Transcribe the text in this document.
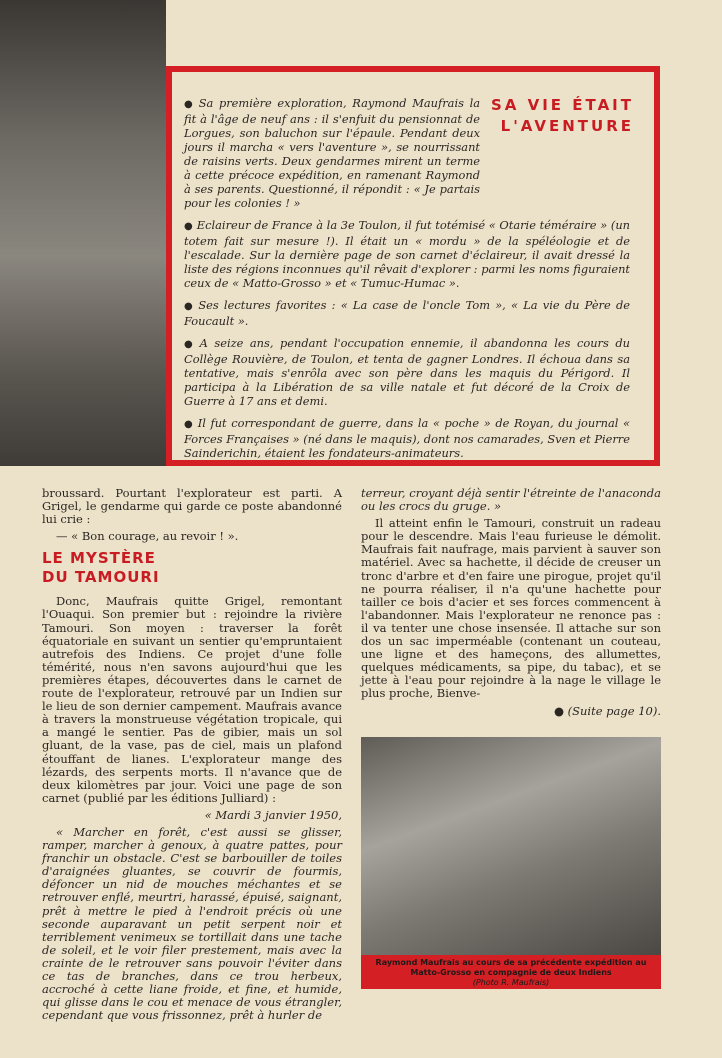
SA VIE ÉTAIT
L'AVENTURE

● Sa première exploration, Raymond Maufrais la fit à l'âge de neuf ans : il s'enfuit du pensionnat de Lorgues, son baluchon sur l'épaule. Pendant deux jours il marcha « vers l'aventure », se nourrissant de raisins verts. Deux gendarmes mirent un terme à cette précoce expédition, en ramenant Raymond à ses parents. Questionné, il répondit : « Je partais pour les colonies ! »

● Eclaireur de France à la 3e Toulon, il fut totémisé « Otarie téméraire » (un totem fait sur mesure !). Il était un « mordu » de la spéléologie et de l'escalade. Sur la dernière page de son carnet d'éclaireur, il avait dressé la liste des régions inconnues qu'il rêvait d'explorer : parmi les noms figuraient ceux de « Matto-Grosso » et « Tumuc-Humac ».

● Ses lectures favorites : « La case de l'oncle Tom », « La vie du Père de Foucault ».

● A seize ans, pendant l'occupation ennemie, il abandonna les cours du Collège Rouvière, de Toulon, et tenta de gagner Londres. Il échoua dans sa tentative, mais s'enrôla avec son père dans les maquis du Périgord. Il participa à la Libération de sa ville natale et fut décoré de la Croix de Guerre à 17 ans et demi.

● Il fut correspondant de guerre, dans la « poche » de Royan, du journal « Forces Françaises » (né dans le maquis), dont nos camarades, Sven et Pierre Sainderichin, étaient les fondateurs-animateurs.

broussard. Pourtant l'explorateur est parti. A Grigel, le gendarme qui garde ce poste abandonné lui crie :

— « Bon courage, au revoir ! ».

LE MYSTÈRE
DU TAMOURI

Donc, Maufrais quitte Grigel, remontant l'Ouaqui. Son premier but : rejoindre la rivière Tamouri. Son moyen : traverser la forêt équatoriale en suivant un sentier qu'empruntaient autrefois des Indiens. Ce projet d'une folle témérité, nous n'en savons aujourd'hui que les premières étapes, découvertes dans le carnet de route de l'explorateur, retrouvé par un Indien sur le lieu de son dernier campement. Maufrais avance à travers la monstrueuse végétation tropicale, qui a mangé le sentier. Pas de gibier, mais un sol gluant, de la vase, pas de ciel, mais un plafond étouffant de lianes. L'explorateur mange des lézards, des serpents morts. Il n'avance que de deux kilomètres par jour. Voici une page de son carnet (publié par les éditions Julliard) :

« Mardi 3 janvier 1950,

« Marcher en forêt, c'est aussi se glisser, ramper, marcher à genoux, à quatre pattes, pour franchir un obstacle. C'est se barbouiller de toiles d'araignées gluantes, se couvrir de fourmis, défoncer un nid de mouches méchantes et se retrouver enflé, meurtri, harassé, épuisé, saignant, prêt à mettre le pied à l'endroit précis où une seconde auparavant un petit serpent noir et terriblement venimeux se tortillait dans une tache de soleil, et le voir filer prestement, mais avec la crainte de le retrouver sans pouvoir l'éviter dans ce tas de branches, dans ce trou herbeux, accroché à cette liane froide, et fine, et humide, qui glisse dans le cou et menace de vous étrangler, cependant que vous frissonnez, prêt à hurler de

terreur, croyant déjà sentir l'étreinte de l'anaconda ou les crocs du gruge. »

Il atteint enfin le Tamouri, construit un radeau pour le descendre. Mais l'eau furieuse le démolit. Maufrais fait naufrage, mais parvient à sauver son matériel. Avec sa hachette, il décide de creuser un tronc d'arbre et d'en faire une pirogue, projet qu'il ne pourra réaliser, il n'a qu'une hachette pour tailler ce bois d'acier et ses forces commencent à l'abandonner. Mais l'explorateur ne renonce pas : il va tenter une chose insensée. Il attache sur son dos un sac imperméable (contenant un couteau, une ligne et des hameçons, des allumettes, quelques médicaments, sa pipe, du tabac), et se jette à l'eau pour rejoindre à la nage le village le plus proche, Bienve-

● (Suite page 10).

Raymond Maufrais au cours de sa précédente expédition au Matto-Grosso en compagnie de deux Indiens
(Photo R. Maufrais)
